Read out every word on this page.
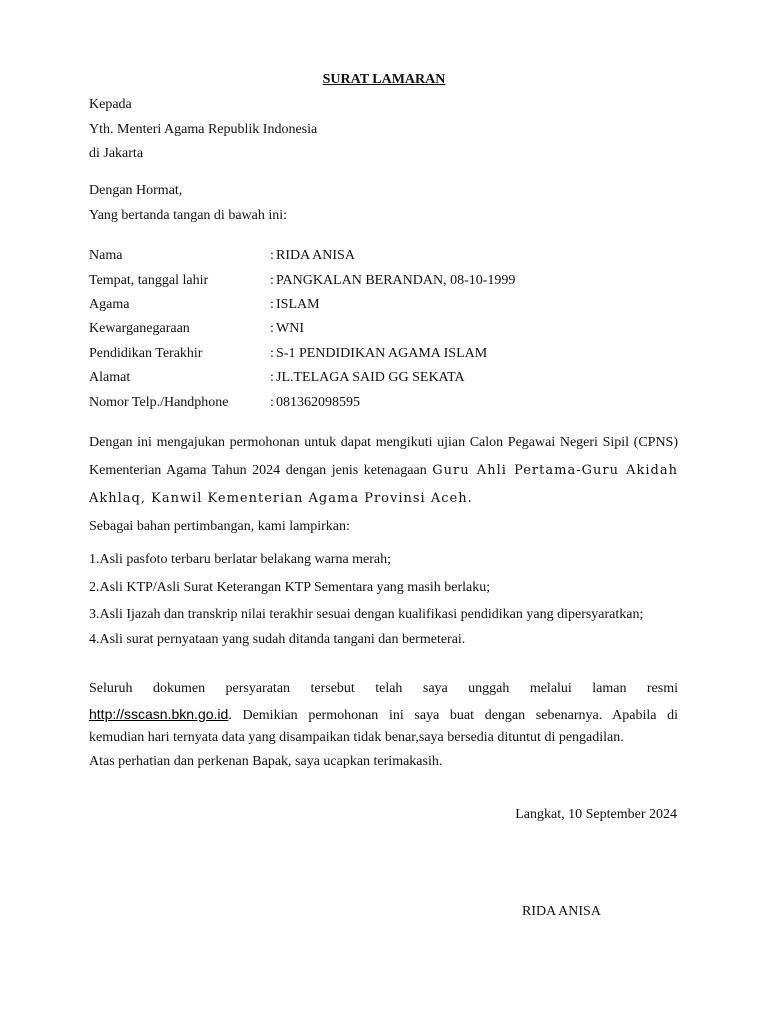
SURAT LAMARAN
Kepada
Yth. Menteri Agama Republik Indonesia
di Jakarta
Dengan Hormat,
Yang bertanda tangan di bawah ini:
Nama	: RIDA ANISA
Tempat, tanggal lahir	: PANGKALAN BERANDAN, 08-10-1999
Agama	: ISLAM
Kewarganegaraan	: WNI
Pendidikan Terakhir	: S-1 PENDIDIKAN AGAMA ISLAM
Alamat	: JL.TELAGA SAID GG SEKATA
Nomor Telp./Handphone	: 081362098595
Dengan ini mengajukan permohonan untuk dapat mengikuti ujian Calon Pegawai Negeri Sipil (CPNS)
Kementerian Agama Tahun 2024 dengan jenis ketenagaan Guru Ahli Pertama-Guru Akidah
Akhlaq, Kanwil Kementerian Agama Provinsi Aceh.
Sebagai bahan pertimbangan, kami lampirkan:
1.Asli pasfoto terbaru berlatar belakang warna merah;
2.Asli KTP/Asli Surat Keterangan KTP Sementara yang masih berlaku;
3.Asli Ijazah dan transkrip nilai terakhir sesuai dengan kualifikasi pendidikan yang dipersyaratkan;
4.Asli surat pernyataan yang sudah ditanda tangani dan bermeterai.
Seluruh dokumen persyaratan tersebut telah saya unggah melalui laman resmi
http://sscasn.bkn.go.id. Demikian permohonan ini saya buat dengan sebenarnya. Apabila di
kemudian hari ternyata data yang disampaikan tidak benar,saya bersedia dituntut di pengadilan.
Atas perhatian dan perkenan Bapak, saya ucapkan terimakasih.
Langkat, 10 September 2024
RIDA ANISA
